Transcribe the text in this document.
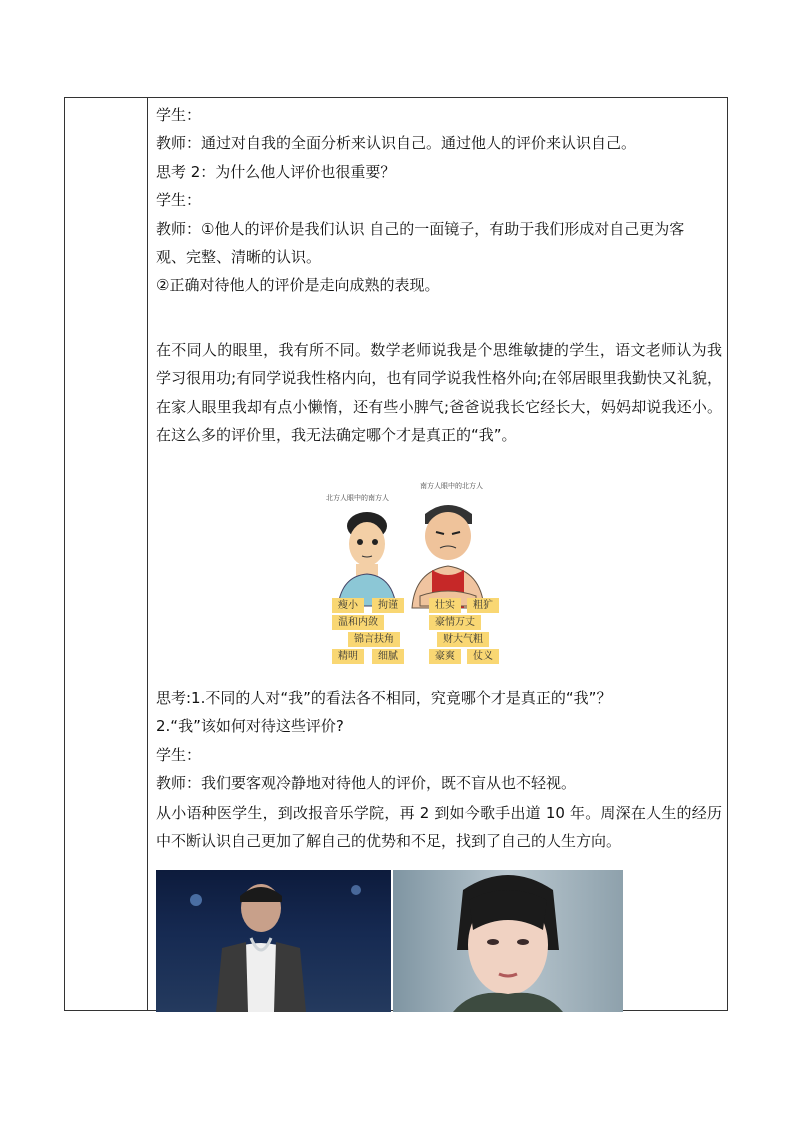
学生：
教师：通过对自我的全面分析来认识自己。通过他人的评价来认识自己。
思考 2：为什么他人评价也很重要？
学生：
教师：①他人的评价是我们认识 自己的一面镜子，有助于我们形成对自己更为客
观、完整、清晰的认识。
②正确对待他人的评价是走向成熟的表现。
在不同人的眼里，我有所不同。数学老师说我是个思维敏捷的学生，语文老师认为我学习很用功;有同学说我性格内向，也有同学说我性格外向;在邻居眼里我勤快又礼貌，在家人眼里我却有点小懒惰，还有些小脾气;爸爸说我长它经长大，妈妈却说我还小。在这么多的评价里，我无法确定哪个才是真正的“我”。
北方人眼中的南方人
南方人眼中的北方人
瘦小	拘谨
温和内敛
锦言扶角
精明	细腻
壮实	粗犷
豪情万丈
财大气粗
豪爽	仗义
思考:1.不同的人对“我”的看法各不相同，究竟哪个才是真正的“我”？
2.“我”该如何对待这些评价?
学生：
教师：我们要客观冷静地对待他人的评价，既不盲从也不轻视。
从小语种医学生，到改报音乐学院，再 2 到如今歌手出道 10 年。周深在人生的经历中不断认识自己更加了解自己的优势和不足，找到了自己的人生方向。
